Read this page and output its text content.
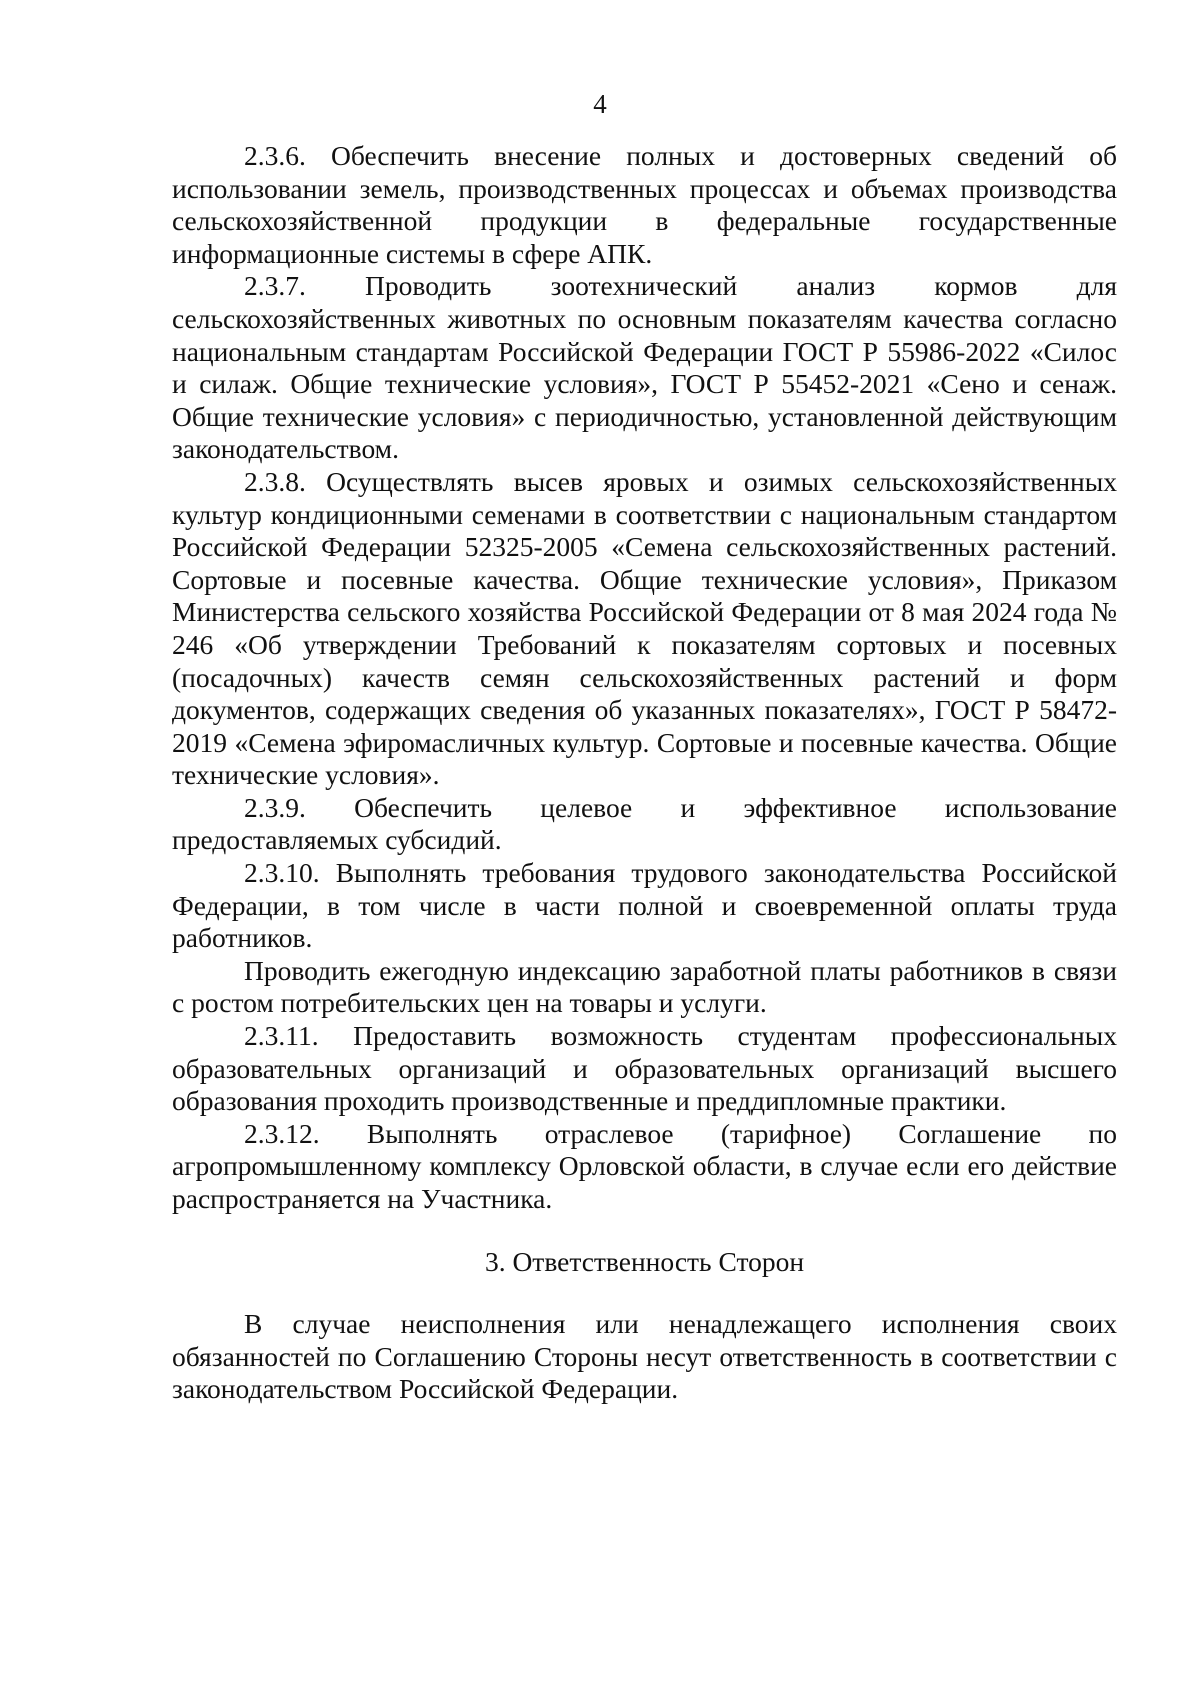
4

2.3.6. Обеспечить внесение полных и достоверных сведений об использовании земель, производственных процессах и объемах производства сельскохозяйственной продукции в федеральные государственные информационные системы в сфере АПК.

2.3.7. Проводить зоотехнический анализ кормов для сельскохозяйственных животных по основным показателям качества согласно национальным стандартам Российской Федерации ГОСТ Р 55986-2022 «Силос и силаж. Общие технические условия», ГОСТ Р 55452-2021 «Сено и сенаж. Общие технические условия» с периодичностью, установленной действующим законодательством.

2.3.8. Осуществлять высев яровых и озимых сельскохозяйственных культур кондиционными семенами в соответствии с национальным стандартом Российской Федерации 52325-2005 «Семена сельскохозяйственных растений. Сортовые и посевные качества. Общие технические условия», Приказом Министерства сельского хозяйства Российской Федерации от 8 мая 2024 года № 246 «Об утверждении Требований к показателям сортовых и посевных (посадочных) качеств семян сельскохозяйственных растений и форм документов, содержащих сведения об указанных показателях», ГОСТ Р 58472-2019 «Семена эфиромасличных культур. Сортовые и посевные качества. Общие технические условия».

2.3.9. Обеспечить целевое и эффективное использование предоставляемых субсидий.

2.3.10. Выполнять требования трудового законодательства Российской Федерации, в том числе в части полной и своевременной оплаты труда работников.

Проводить ежегодную индексацию заработной платы работников в связи с ростом потребительских цен на товары и услуги.

2.3.11. Предоставить возможность студентам профессиональных образовательных организаций и образовательных организаций высшего образования проходить производственные и преддипломные практики.

2.3.12. Выполнять отраслевое (тарифное) Соглашение по агропромышленному комплексу Орловской области, в случае если его действие распространяется на Участника.

3. Ответственность Сторон

В случае неисполнения или ненадлежащего исполнения своих обязанностей по Соглашению Стороны несут ответственность в соответствии с законодательством Российской Федерации.
